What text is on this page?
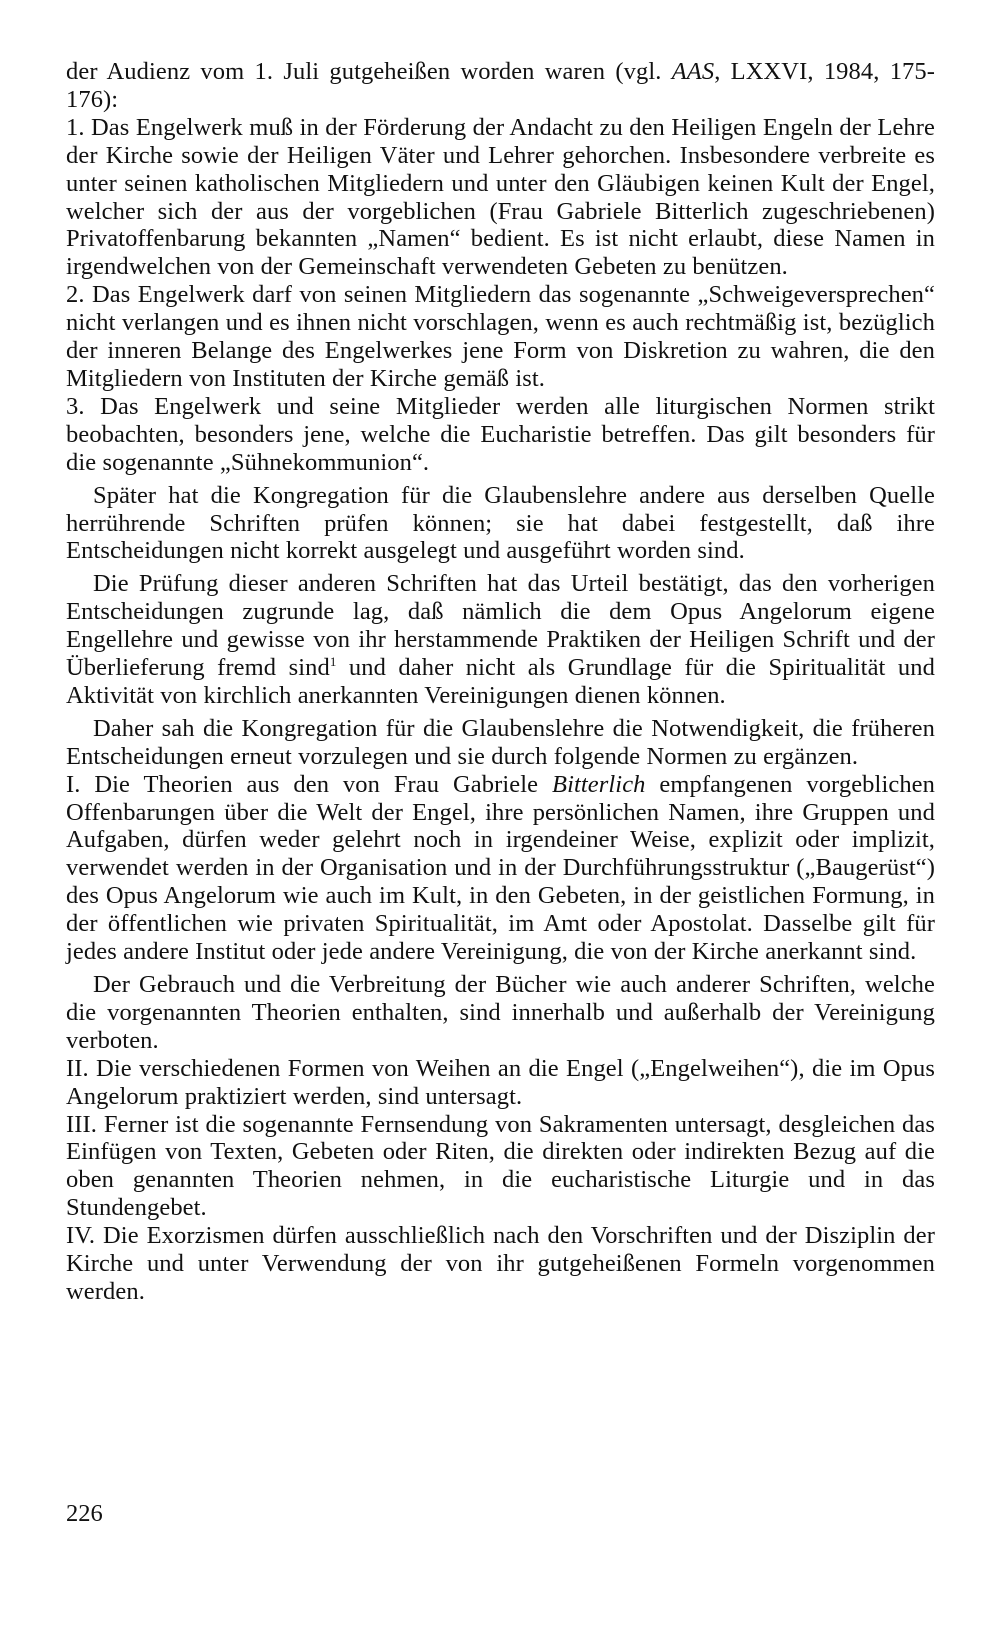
der Audienz vom 1. Juli gutgeheißen worden waren (vgl. AAS, LXXVI, 1984, 175-176):

1. Das Engelwerk muß in der Förderung der Andacht zu den Heiligen Engeln der Lehre der Kirche sowie der Heiligen Väter und Lehrer gehorchen. Insbesondere verbreite es unter seinen katholischen Mitgliedern und unter den Gläubigen keinen Kult der Engel, welcher sich der aus der vorgeblichen (Frau Gabriele Bitterlich zugeschriebenen) Privatoffenbarung bekannten „Namen“ bedient. Es ist nicht erlaubt, diese Namen in irgendwelchen von der Gemeinschaft verwendeten Gebeten zu benützen.

2. Das Engelwerk darf von seinen Mitgliedern das sogenannte „Schweigeversprechen“ nicht verlangen und es ihnen nicht vorschlagen, wenn es auch rechtmäßig ist, bezüglich der inneren Belange des Engelwerkes jene Form von Diskretion zu wahren, die den Mitgliedern von Instituten der Kirche gemäß ist.

3. Das Engelwerk und seine Mitglieder werden alle liturgischen Normen strikt beobachten, besonders jene, welche die Eucharistie betreffen. Das gilt besonders für die sogenannte „Sühnekommunion“.

Später hat die Kongregation für die Glaubenslehre andere aus derselben Quelle herrührende Schriften prüfen können; sie hat dabei festgestellt, daß ihre Entscheidungen nicht korrekt ausgelegt und ausgeführt worden sind.

Die Prüfung dieser anderen Schriften hat das Urteil bestätigt, das den vorherigen Entscheidungen zugrunde lag, daß nämlich die dem Opus Angelorum eigene Engellehre und gewisse von ihr herstammende Praktiken der Heiligen Schrift und der Überlieferung fremd sind$^1$ und daher nicht als Grundlage für die Spiritualität und Aktivität von kirchlich anerkannten Vereinigungen dienen können.

Daher sah die Kongregation für die Glaubenslehre die Notwendigkeit, die früheren Entscheidungen erneut vorzulegen und sie durch folgende Normen zu ergänzen.

I. Die Theorien aus den von Frau Gabriele Bitterlich empfangenen vorgeblichen Offenbarungen über die Welt der Engel, ihre persönlichen Namen, ihre Gruppen und Aufgaben, dürfen weder gelehrt noch in irgendeiner Weise, explizit oder implizit, verwendet werden in der Organisation und in der Durchführungsstruktur („Baugerüst“) des Opus Angelorum wie auch im Kult, in den Gebeten, in der geistlichen Formung, in der öffentlichen wie privaten Spiritualität, im Amt oder Apostolat. Dasselbe gilt für jedes andere Institut oder jede andere Vereinigung, die von der Kirche anerkannt sind.

Der Gebrauch und die Verbreitung der Bücher wie auch anderer Schriften, welche die vorgenannten Theorien enthalten, sind innerhalb und außerhalb der Vereinigung verboten.

II. Die verschiedenen Formen von Weihen an die Engel („Engelweihen“), die im Opus Angelorum praktiziert werden, sind untersagt.

III. Ferner ist die sogenannte Fernsendung von Sakramenten untersagt, desgleichen das Einfügen von Texten, Gebeten oder Riten, die direkten oder indirekten Bezug auf die oben genannten Theorien nehmen, in die eucharistische Liturgie und in das Stundengebet.

IV. Die Exorzismen dürfen ausschließlich nach den Vorschriften und der Disziplin der Kirche und unter Verwendung der von ihr gutgeheißenen Formeln vorgenommen werden.

226
